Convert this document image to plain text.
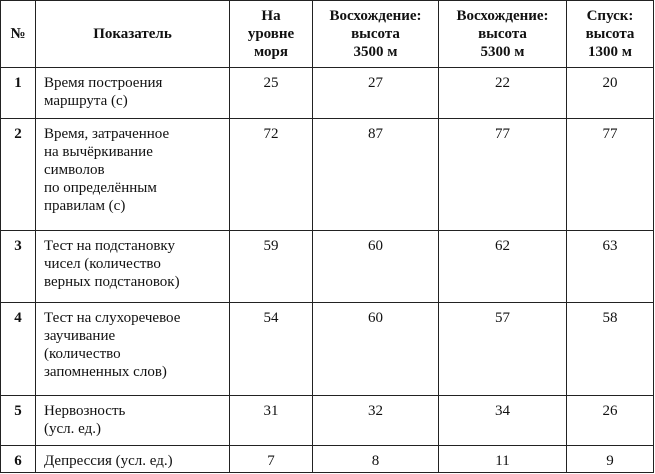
№	Показатель	На
уровне
моря	Восхождение:
высота
3500 м	Восхождение:
высота
5300 м	Спуск:
высота
1300 м

1	Время построения
маршрута (с)	25	27	22	20
2	Время, затраченное
на вычёркивание
символов
по определённым
правилам (с)	72	87	77	77
3	Тест на подстановку
чисел (количество
верных подстановок)	59	60	62	63
4	Тест на слухоречевое
заучивание
(количество
запомненных слов)	54	60	57	58
5	Нервозность
(усл. ед.)	31	32	34	26
6	Депрессия (усл. ед.)	7	8	11	9
